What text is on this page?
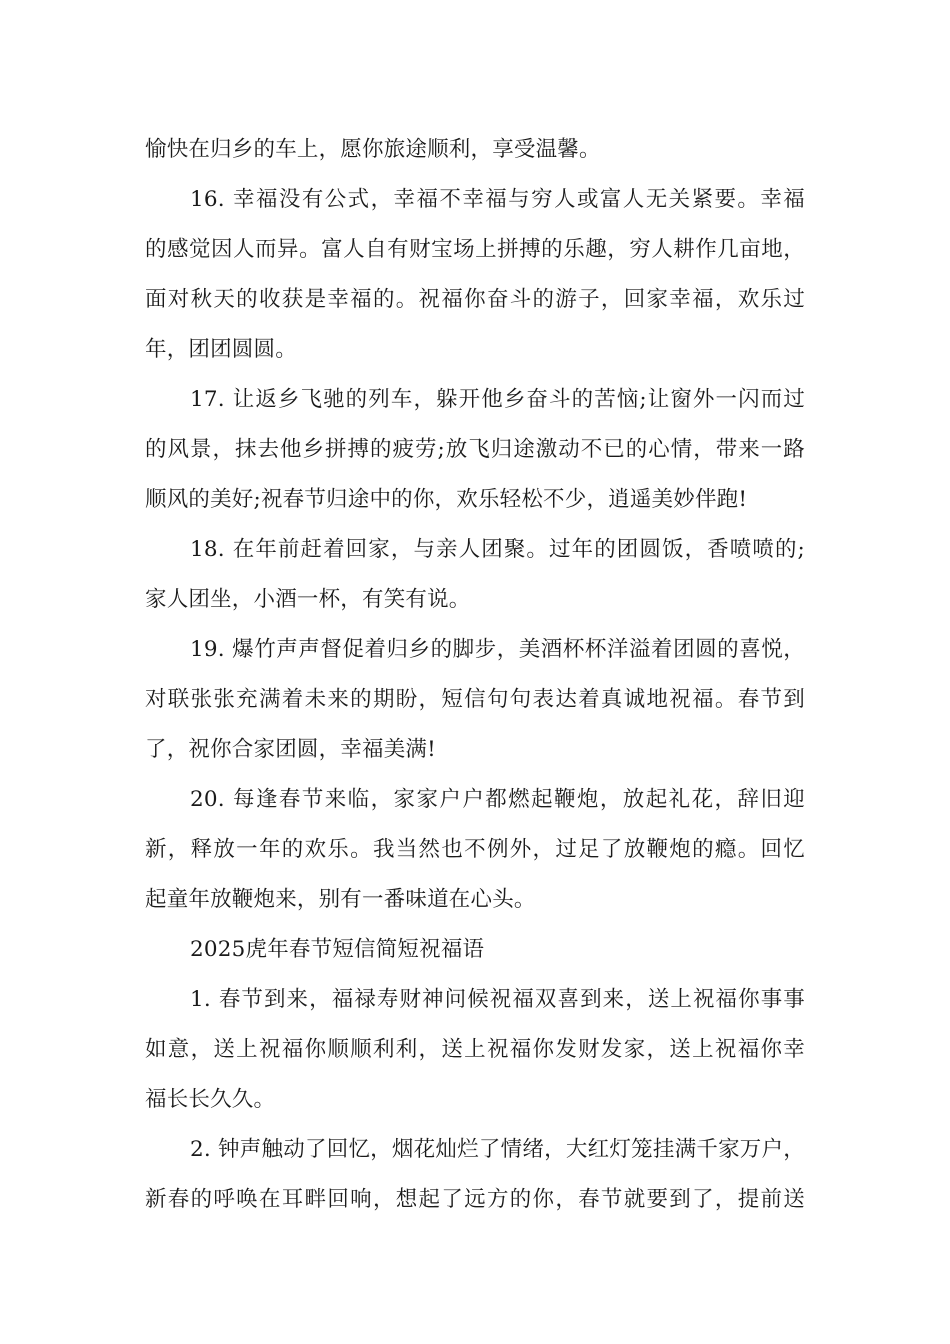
愉快在归乡的车上，愿你旅途顺利，享受温馨。
16. 幸福没有公式，幸福不幸福与穷人或富人无关紧要。幸福
的感觉因人而异。富人自有财宝场上拼搏的乐趣，穷人耕作几亩地，
面对秋天的收获是幸福的。祝福你奋斗的游子，回家幸福，欢乐过
年，团团圆圆。
17. 让返乡飞驰的列车，躲开他乡奋斗的苦恼;让窗外一闪而过
的风景，抹去他乡拼搏的疲劳;放飞归途激动不已的心情，带来一路
顺风的美好;祝春节归途中的你，欢乐轻松不少，逍遥美妙伴跑!
18. 在年前赶着回家，与亲人团聚。过年的团圆饭，香喷喷的;
家人团坐，小酒一杯，有笑有说。
19. 爆竹声声督促着归乡的脚步，美酒杯杯洋溢着团圆的喜悦，
对联张张充满着未来的期盼，短信句句表达着真诚地祝福。春节到
了，祝你合家团圆，幸福美满!
20. 每逢春节来临，家家户户都燃起鞭炮，放起礼花，辞旧迎
新，释放一年的欢乐。我当然也不例外，过足了放鞭炮的瘾。回忆
起童年放鞭炮来，别有一番味道在心头。
2025虎年春节短信简短祝福语
1. 春节到来，福禄寿财神问候祝福双喜到来，送上祝福你事事
如意，送上祝福你顺顺利利，送上祝福你发财发家，送上祝福你幸
福长长久久。
2. 钟声触动了回忆，烟花灿烂了情绪，大红灯笼挂满千家万户，
新春的呼唤在耳畔回响，想起了远方的你，春节就要到了，提前送
